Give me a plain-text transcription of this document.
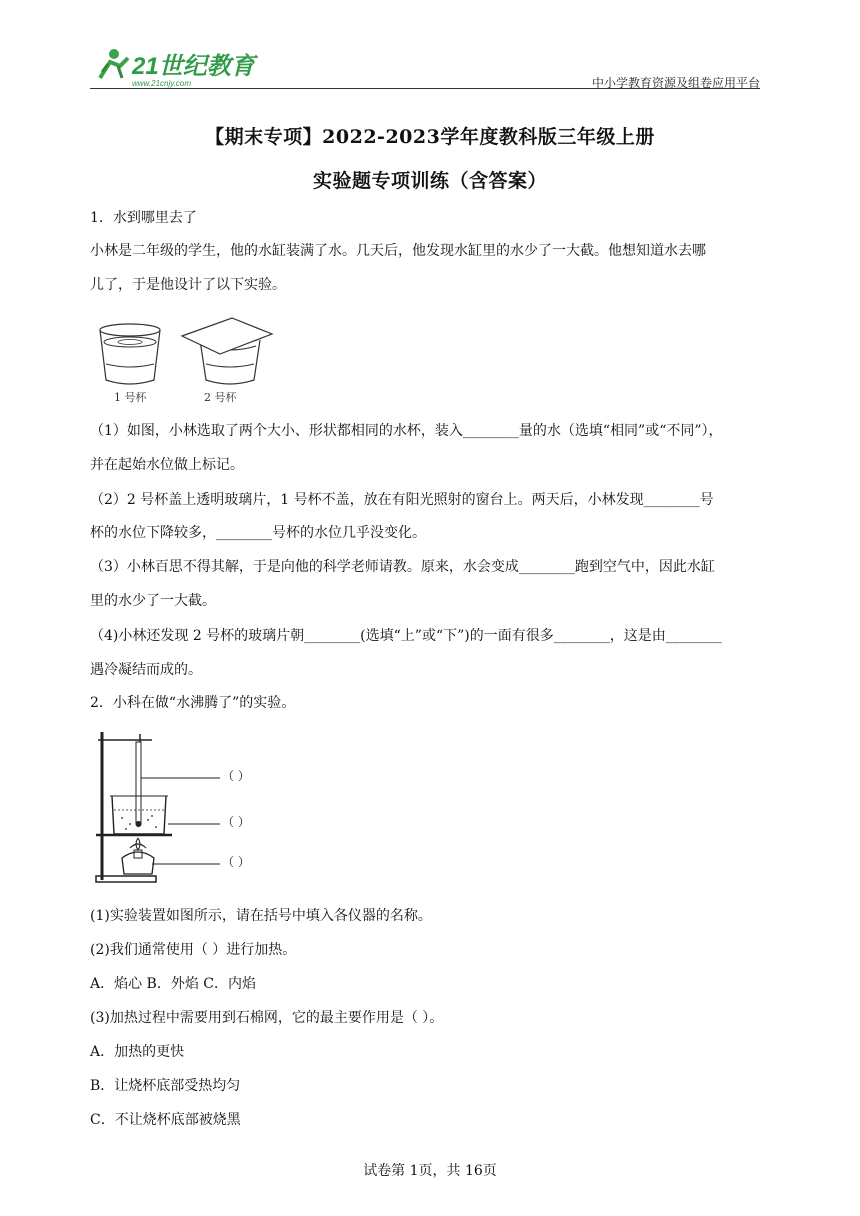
21世纪教育
www.21cnjy.com	中小学教育资源及组卷应用平台
【期末专项】2022-2023学年度教科版三年级上册
实验题专项训练（含答案）
1．水到哪里去了
小林是二年级的学生，他的水缸装满了水。几天后，他发现水缸里的水少了一大截。他想知道水去哪
儿了，于是他设计了以下实验。
1 号杯	2 号杯
（1）如图，小林选取了两个大小、形状都相同的水杯，装入________量的水（选填“相同”或“不同”），
并在起始水位做上标记。
（2）2 号杯盖上透明玻璃片，1 号杯不盖，放在有阳光照射的窗台上。两天后，小林发现________号
杯的水位下降较多，________号杯的水位几乎没变化。
（3）小林百思不得其解，于是向他的科学老师请教。原来，水会变成________跑到空气中，因此水缸
里的水少了一大截。
（4)小林还发现 2 号杯的玻璃片朝________(选填“上”或“下”)的一面有很多________，这是由________
遇冷凝结而成的。
2．小科在做“水沸腾了”的实验。
（ ）
（ ）
（ ）
(1)实验装置如图所示，请在括号中填入各仪器的名称。
(2)我们通常使用（ ）进行加热。
A．焰心 B．外焰 C．内焰
(3)加热过程中需要用到石棉网，它的最主要作用是（ ）。
A．加热的更快
B．让烧杯底部受热均匀
C．不让烧杯底部被烧黑
试卷第 1页，共 16页
